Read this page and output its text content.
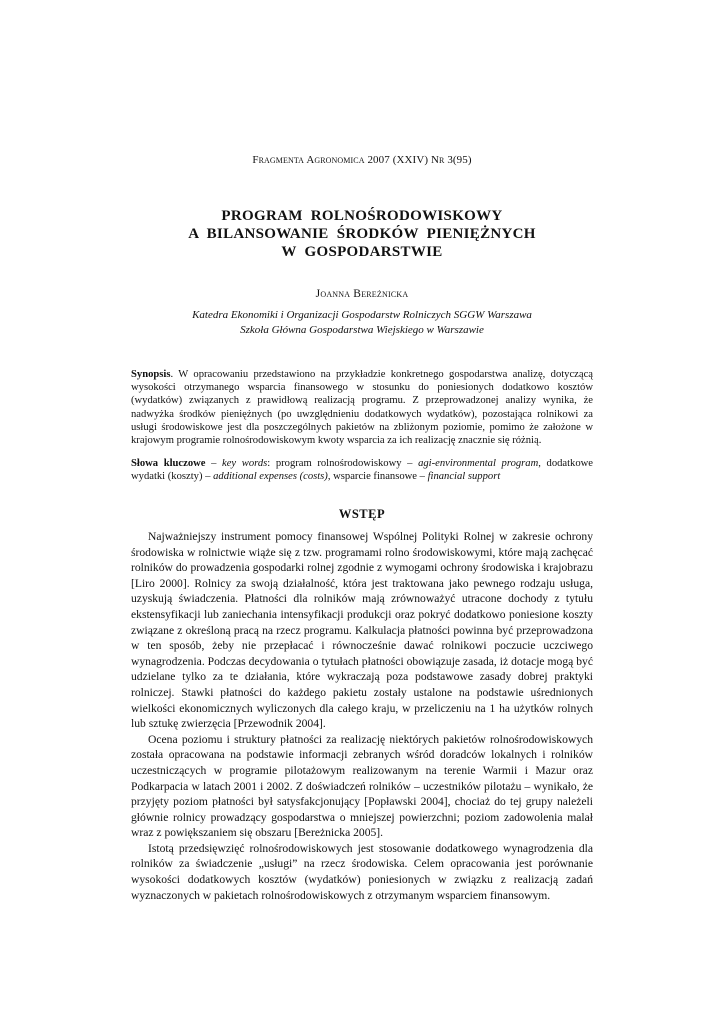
Fragmenta Agronomica 2007 (XXIV) Nr 3(95)
PROGRAM  ROLNOŚRODOWISKOWY
A  BILANSOWANIE  ŚRODKÓW  PIENIĘŻNYCH
W  GOSPODARSTWIE
Joanna Bereżnicka
Katedra Ekonomiki i Organizacji Gospodarstw Rolniczych SGGW Warszawa
Szkoła Główna Gospodarstwa Wiejskiego w Warszawie
Synopsis. W opracowaniu przedstawiono na przykładzie konkretnego gospodarstwa analizę, dotyczącą wysokości otrzymanego wsparcia finansowego w stosunku do poniesionych dodatkowo kosztów (wydatków) związanych z prawidłową realizacją programu. Z przeprowadzonej analizy wynika, że nadwyżka środków pieniężnych (po uwzględnieniu dodatkowych wydatków), pozostająca rolnikowi za usługi środowiskowe jest dla poszczególnych pakietów na zbliżonym poziomie, pomimo że założone w krajowym programie rolnośrodowiskowym kwoty wsparcia za ich realizację znacznie się różnią.
Słowa kluczowe – key words: program rolnośrodowiskowy – agi-environmental program, dodatkowe wydatki (koszty) – additional expenses (costs), wsparcie finansowe – financial support
WSTĘP

Najważniejszy instrument pomocy finansowej Wspólnej Polityki Rolnej w zakresie ochrony środowiska w rolnictwie wiąże się z tzw. programami rolno środowiskowymi, które mają zachęcać rolników do prowadzenia gospodarki rolnej zgodnie z wymogami ochrony środowiska i krajobrazu [Liro 2000]. Rolnicy za swoją działalność, która jest traktowana jako pewnego rodzaju usługa, uzyskują świadczenia. Płatności dla rolników mają zrównoważyć utracone dochody z tytułu ekstensyfikacji lub zaniechania intensyfikacji produkcji oraz pokryć dodatkowo poniesione koszty związane z określoną pracą na rzecz programu. Kalkulacja płatności powinna być przeprowadzona w ten sposób, żeby nie przepłacać i równocześnie dawać rolnikowi poczucie uczciwego wynagrodzenia. Podczas decydowania o tytułach płatności obowiązuje zasada, iż dotacje mogą być udzielane tylko za te działania, które wykraczają poza podstawowe zasady dobrej praktyki rolniczej. Stawki płatności do każdego pakietu zostały ustalone na podstawie uśrednionych wielkości ekonomicznych wyliczonych dla całego kraju, w przeliczeniu na 1 ha użytków rolnych lub sztukę zwierzęcia [Przewodnik 2004].

Ocena poziomu i struktury płatności za realizację niektórych pakietów rolnośrodowiskowych została opracowana na podstawie informacji zebranych wśród doradców lokalnych i rolników uczestniczących w programie pilotażowym realizowanym na terenie Warmii i Mazur oraz Podkarpacia w latach 2001 i 2002. Z doświadczeń rolników – uczestników pilotażu – wynikało, że przyjęty poziom płatności był satysfakcjonujący [Popławski 2004], chociaż do tej grupy należeli głównie rolnicy prowadzący gospodarstwa o mniejszej powierzchni; poziom zadowolenia malał wraz z powiększaniem się obszaru [Bereżnicka 2005].

Istotą przedsięwzięć rolnośrodowiskowych jest stosowanie dodatkowego wynagrodzenia dla rolników za świadczenie „usługi” na rzecz środowiska. Celem opracowania jest porównanie wysokości dodatkowych kosztów (wydatków) poniesionych w związku z realizacją zadań wyznaczonych w pakietach rolnośrodowiskowych z otrzymanym wsparciem finansowym.
